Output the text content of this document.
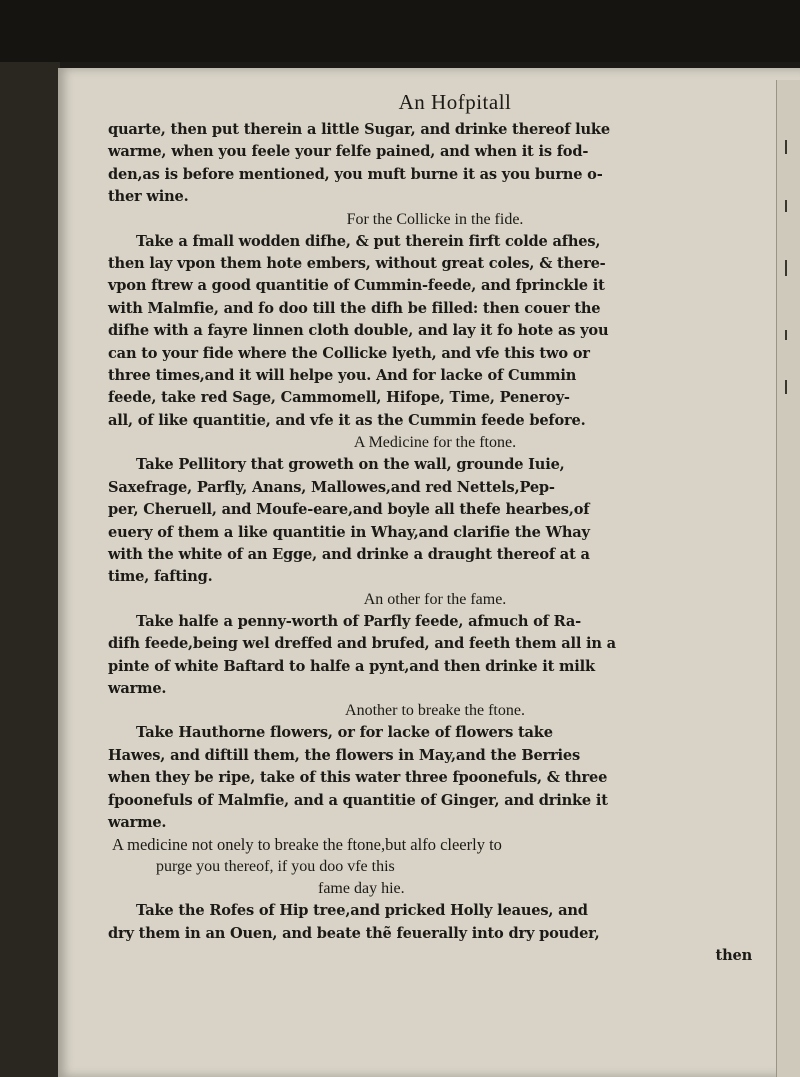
An Hofpitall
quarte, then put therein a little Sugar, and drinke thereof luke
warme, when you feele your felfe pained, and when it is fod-
den,as is before mentioned, you muft burne it as you burne o-
ther wine.
For the Collicke in the fide.
Take a fmall wodden difhe, & put therein firft colde afhes,
then lay vpon them hote embers, without great coles, & there-
vpon ftrew a good quantitie of Cummin-feede, and fprinckle it
with Malmfie, and fo doo till the difh be filled: then couer the
difhe with a fayre linnen cloth double, and lay it fo hote as you
can to your fide where the Collicke lyeth, and vfe this two or
three times,and it will helpe you. And for lacke of Cummin
feede, take red Sage, Cammomell, Hifope, Time, Peneroy-
all, of like quantitie, and vfe it as the Cummin feede before.
A Medicine for the ftone.
Take Pellitory that groweth on the wall, grounde Iuie,
Saxefrage, Parfly, Anans, Mallowes,and red Nettels,Pep-
per, Cheruell, and Moufe-eare,and boyle all thefe hearbes,of
euery of them a like quantitie in Whay,and clarifie the Whay
with the white of an Egge, and drinke a draught thereof at a
time, fafting.
An other for the fame.
Take halfe a penny-worth of Parfly feede, afmuch of Ra-
difh feede,being wel dreffed and brufed, and feeth them all in a
pinte of white Baftard to halfe a pynt,and then drinke it milk
warme.
Another to breake the ftone.
Take Hauthorne flowers, or for lacke of flowers take
Hawes, and diftill them, the flowers in May,and the Berries
when they be ripe, take of this water three fpoonefuls, & three
fpoonefuls of Malmfie, and a quantitie of Ginger, and drinke it
warme.
A medicine not onely to breake the ftone,but alfo cleerly to
purge you thereof, if you doo vfe this
fame day hie.
Take the Rofes of Hip tree,and pricked Holly leaues, and
dry them in an Ouen, and beate thẽ feuerally into dry pouder,
then
